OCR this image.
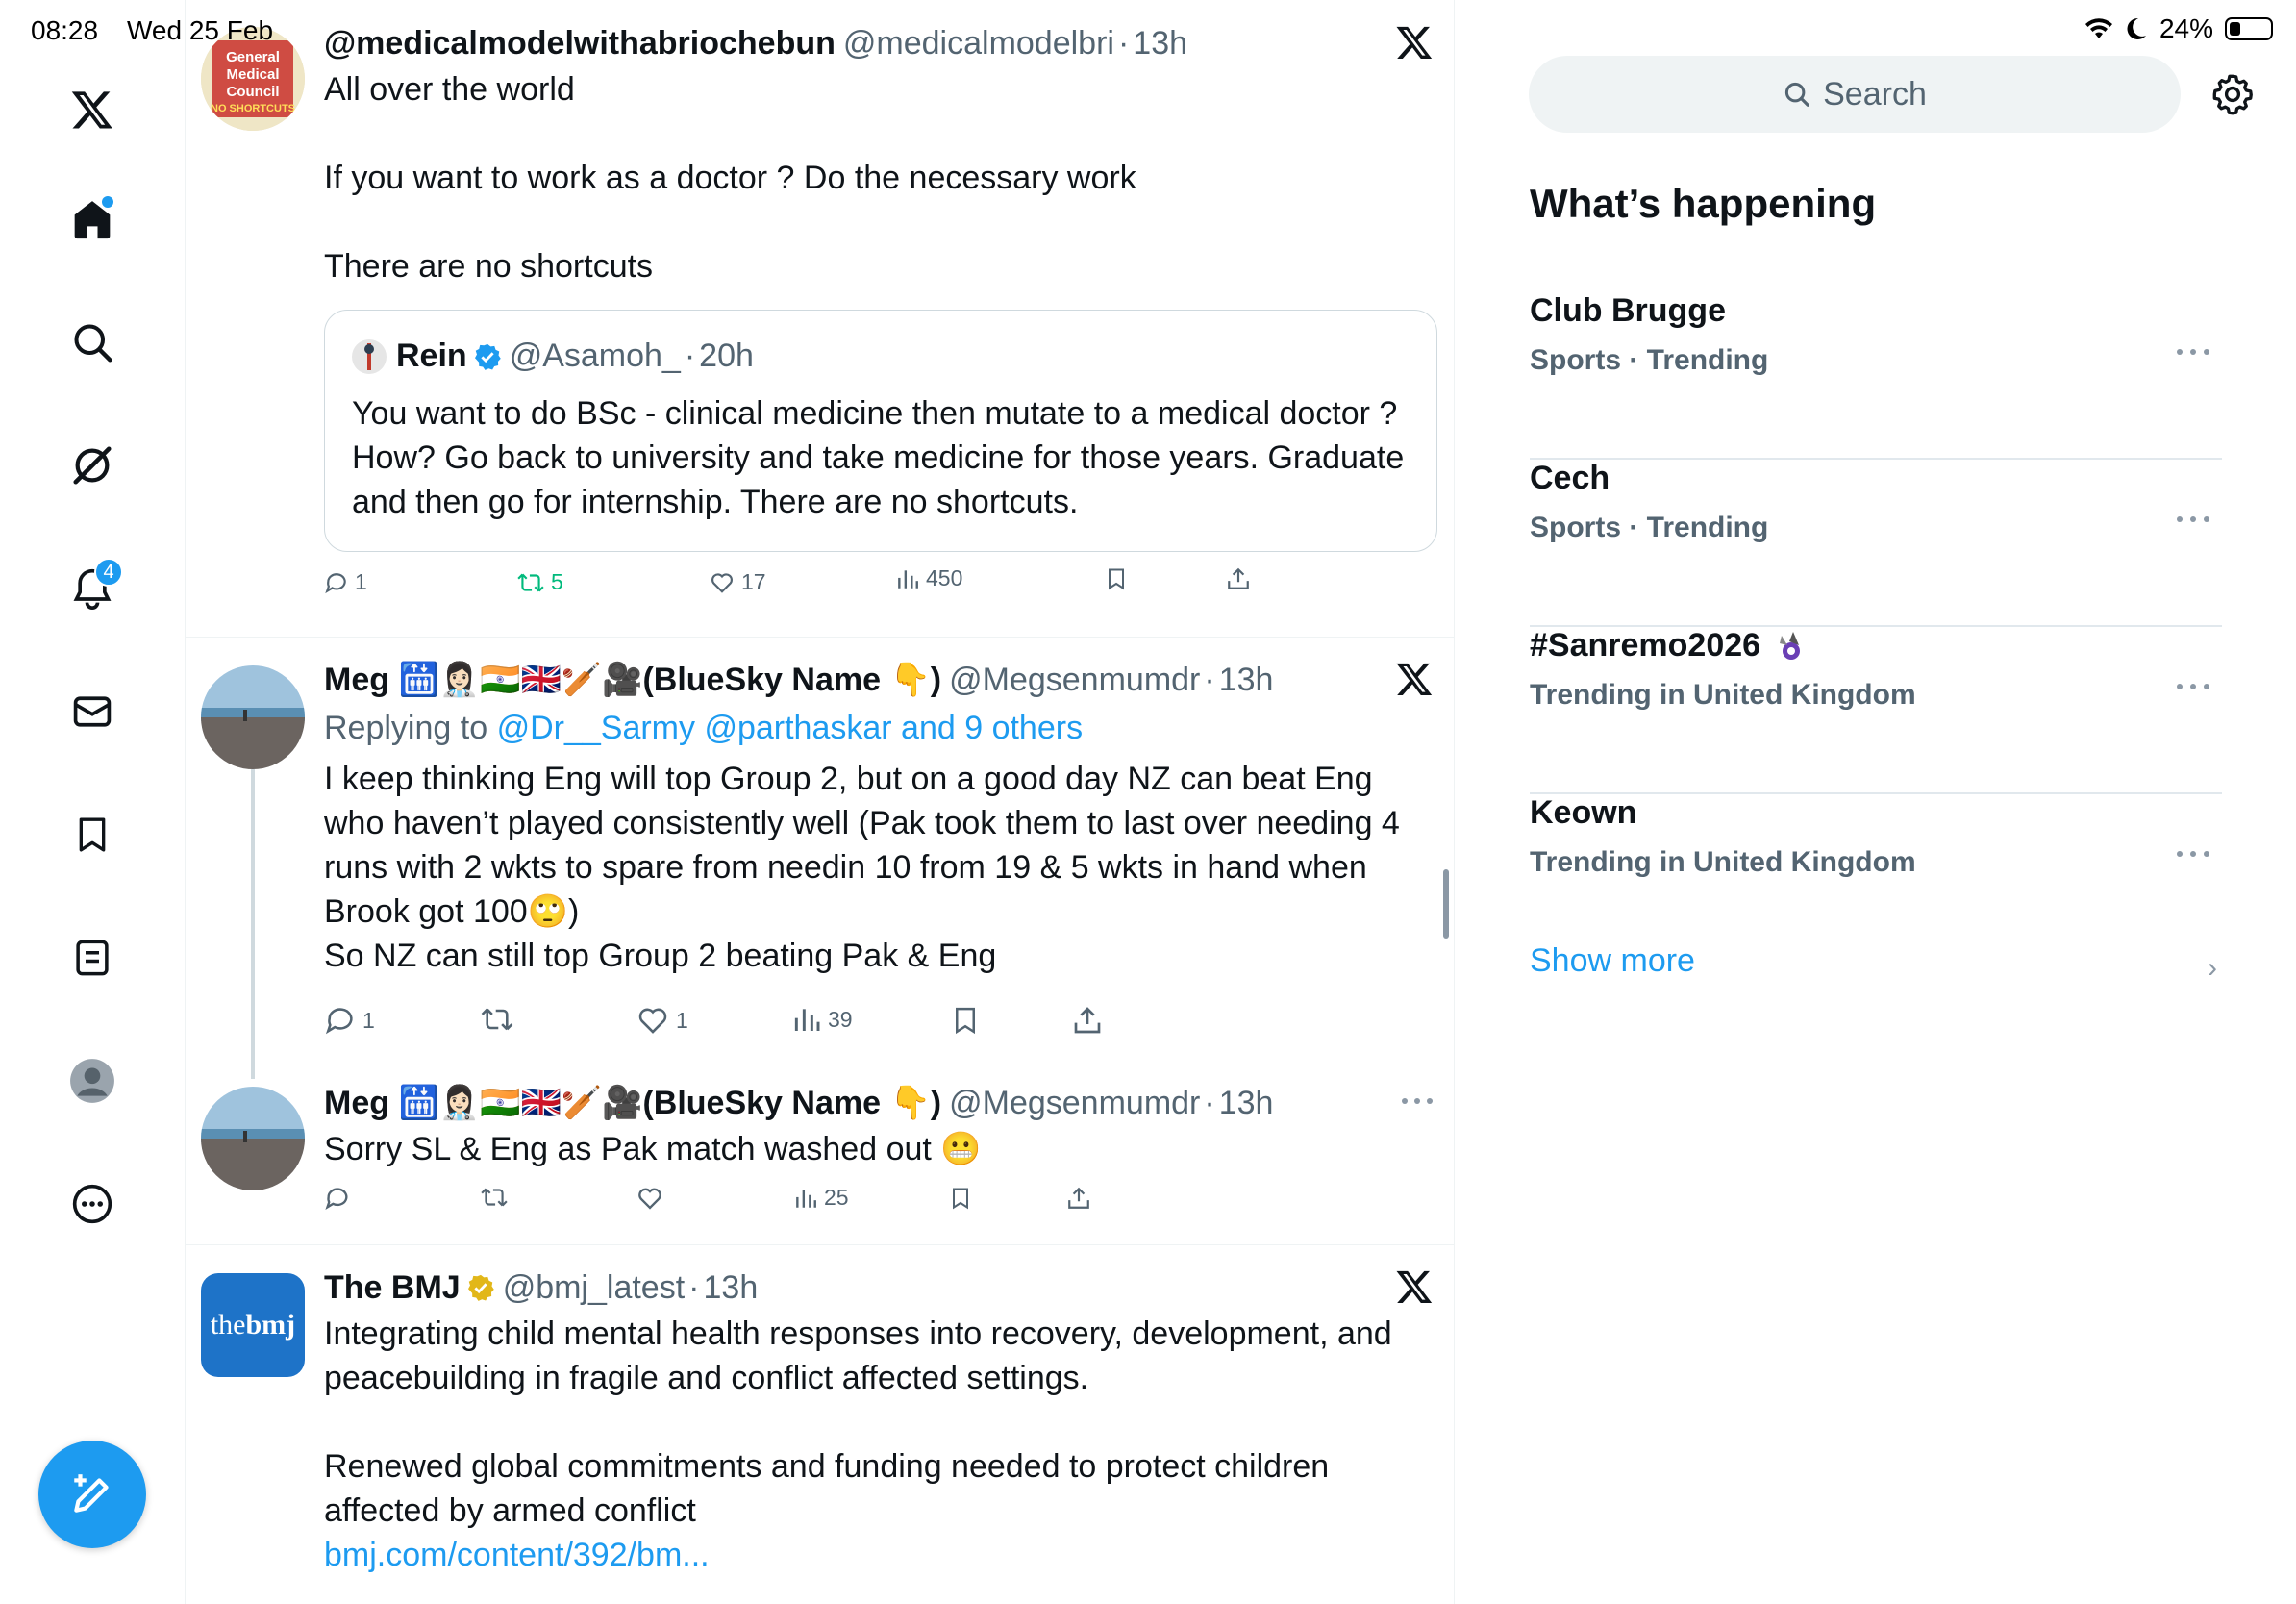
08:28 Wed 25 Feb	24%
4
General
Medical
Council
NO SHORTCUTS
@medicalmodelwithabriochebun @medicalmodelbri · 13h
All over the world

If you want to work as a doctor ? Do the necessary work

There are no shortcuts
Rein @Asamoh_ · 20h
You want to do BSc - clinical medicine then mutate to a medical doctor ? How? Go back to university and take medicine for those years. Graduate and then go for internship. There are no shortcuts.
1	5	17	450
Meg 🛗👩🏻‍⚕️🇮🇳🇬🇧🏏🎥(BlueSky Name 👇) @Megsenmumdr · 13h
Replying to @Dr__Sarmy @parthaskar and 9 others
I keep thinking Eng will top Group 2, but on a good day NZ can beat Eng who haven’t played consistently well (Pak took them to last over needing 4 runs with 2 wkts to spare from needin 10 from 19 & 5 wkts in hand when Brook got 100🙄)
So NZ can still top Group 2 beating Pak & Eng
1	1	39
Meg 🛗👩🏻‍⚕️🇮🇳🇬🇧🏏🎥(BlueSky Name 👇) @Megsenmumdr · 13h
Sorry SL & Eng as Pak match washed out 😬
25
the bmj
The BMJ @bmj_latest · 13h
Integrating child mental health responses into recovery, development, and peacebuilding in fragile and conflict affected settings.

Renewed global commitments and funding needed to protect children affected by armed conflict
bmj.com/content/392/bm...
Search
What’s happening
Club Brugge
Sports · Trending
Cech
Sports · Trending
#Sanremo2026
Trending in United Kingdom
Keown
Trending in United Kingdom
Show more	›
